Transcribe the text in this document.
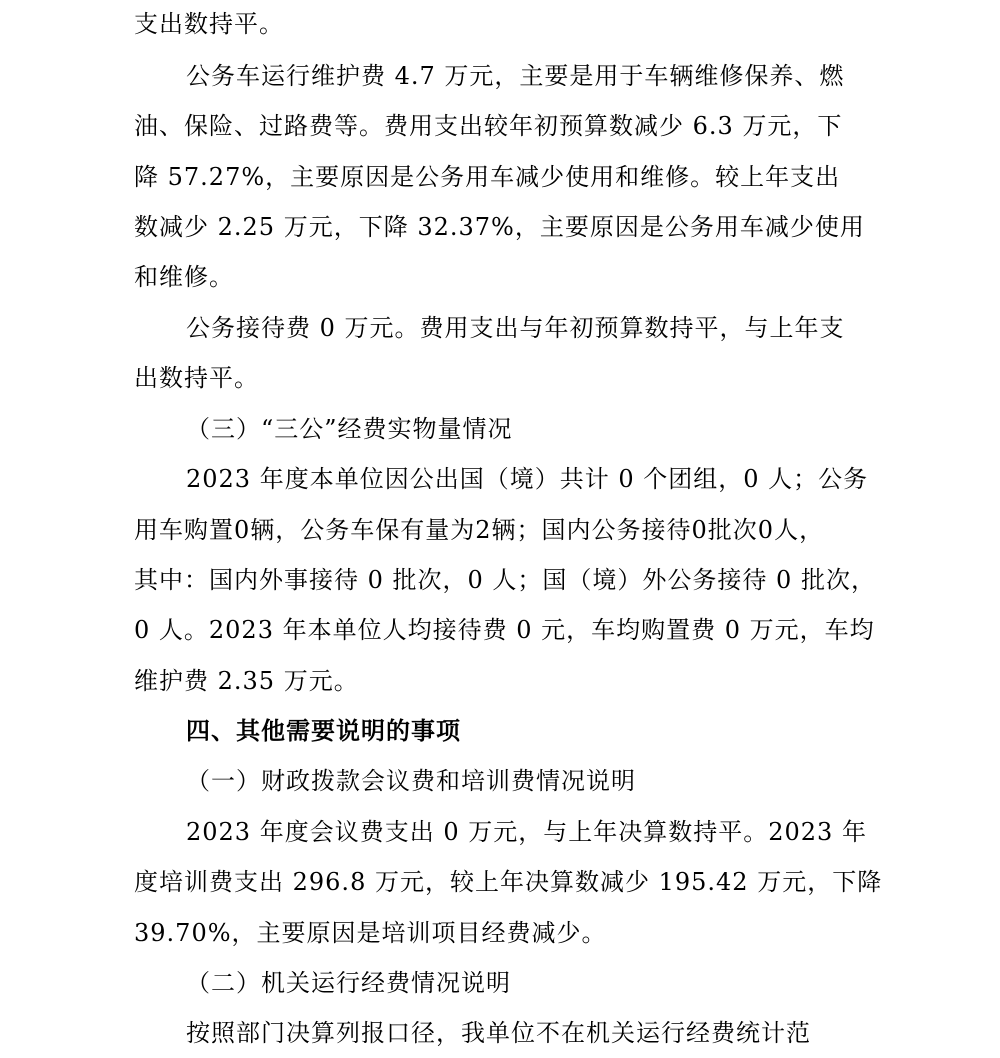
支出数持平。
公务车运行维护费 4.7 万元，主要是用于车辆维修保养、燃
油、保险、过路费等。费用支出较年初预算数减少 6.3 万元，下
降 57.27%，主要原因是公务用车减少使用和维修。较上年支出
数减少 2.25 万元，下降 32.37%，主要原因是公务用车减少使用
和维修。
公务接待费 0 万元。费用支出与年初预算数持平，与上年支
出数持平。
（三）“三公”经费实物量情况
2023 年度本单位因公出国（境）共计 0 个团组，0 人；公务
用车购置0辆，公务车保有量为2辆；国内公务接待0批次0人，
其中：国内外事接待 0 批次，0 人；国（境）外公务接待 0 批次，
0 人。2023 年本单位人均接待费 0 元，车均购置费 0 万元，车均
维护费 2.35 万元。
四、其他需要说明的事项
（一）财政拨款会议费和培训费情况说明
2023 年度会议费支出 0 万元，与上年决算数持平。2023 年
度培训费支出 296.8 万元，较上年决算数减少 195.42 万元，下降
39.70%，主要原因是培训项目经费减少。
（二）机关运行经费情况说明
按照部门决算列报口径，我单位不在机关运行经费统计范
